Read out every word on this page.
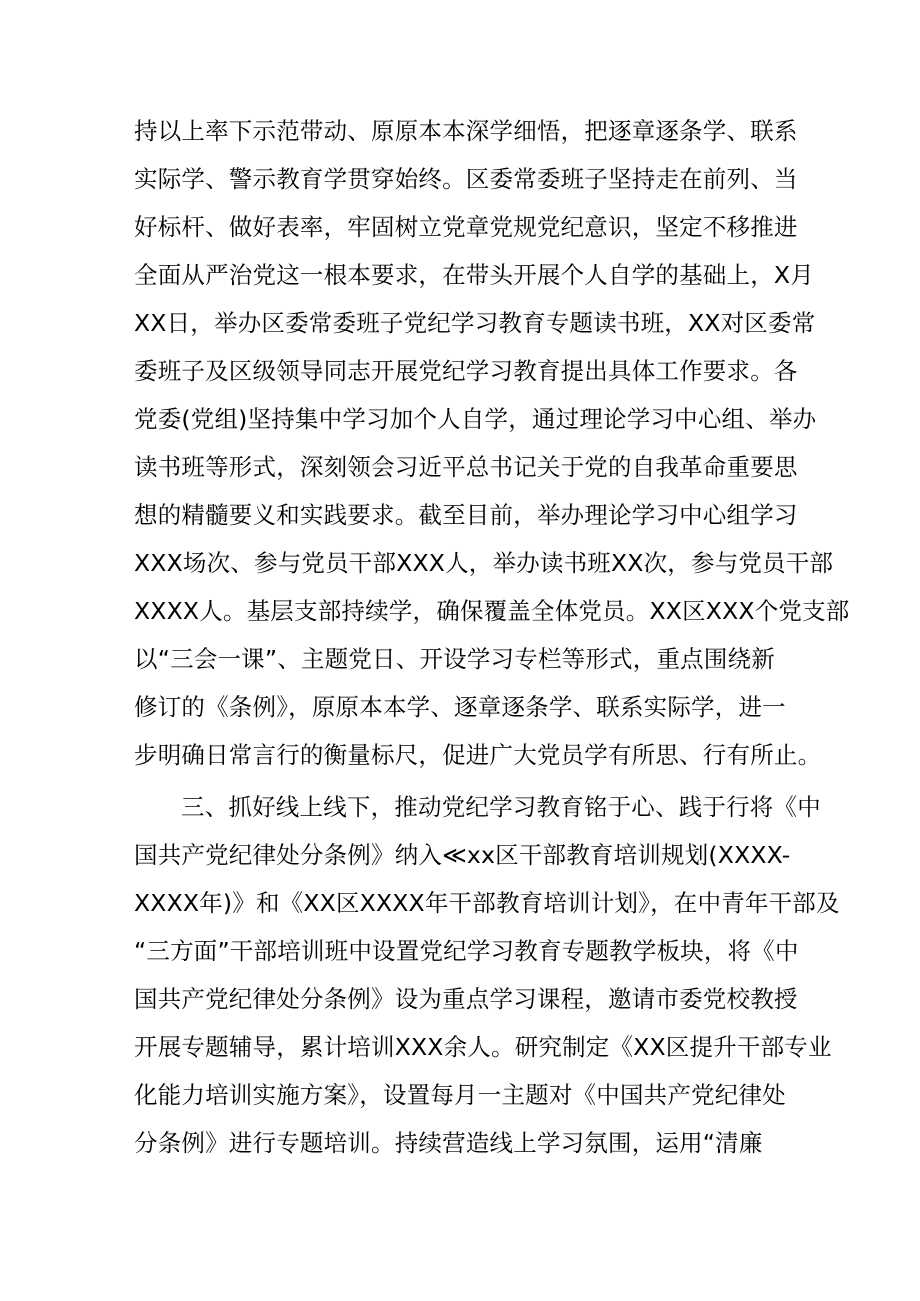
持以上率下示范带动、原原本本深学细悟，把逐章逐条学、联系
实际学、警示教育学贯穿始终。区委常委班子坚持走在前列、当
好标杆、做好表率，牢固树立党章党规党纪意识，坚定不移推进
全面从严治党这一根本要求，在带头开展个人自学的基础上，X月
XX日，举办区委常委班子党纪学习教育专题读书班，XX对区委常
委班子及区级领导同志开展党纪学习教育提出具体工作要求。各
党委(党组)坚持集中学习加个人自学，通过理论学习中心组、举办
读书班等形式，深刻领会习近平总书记关于党的自我革命重要思
想的精髓要义和实践要求。截至目前，举办理论学习中心组学习
XXX场次、参与党员干部XXX人，举办读书班XX次，参与党员干部
XXXX人。基层支部持续学，确保覆盖全体党员。XX区XXX个党支部
以“三会一课”、主题党日、开设学习专栏等形式，重点围绕新
修订的《条例》，原原本本学、逐章逐条学、联系实际学，进一
步明确日常言行的衡量标尺，促进广大党员学有所思、行有所止。
三、抓好线上线下，推动党纪学习教育铭于心、践于行将《中
国共产党纪律处分条例》纳入≪xx区干部教育培训规划(XXXX-
XXXX年)》和《XX区XXXX年干部教育培训计划》，在中青年干部及
“三方面”干部培训班中设置党纪学习教育专题教学板块，将《中
国共产党纪律处分条例》设为重点学习课程，邀请市委党校教授
开展专题辅导，累计培训XXX余人。研究制定《XX区提升干部专业
化能力培训实施方案》，设置每月一主题对《中国共产党纪律处
分条例》进行专题培训。持续营造线上学习氛围，运用“清廉
